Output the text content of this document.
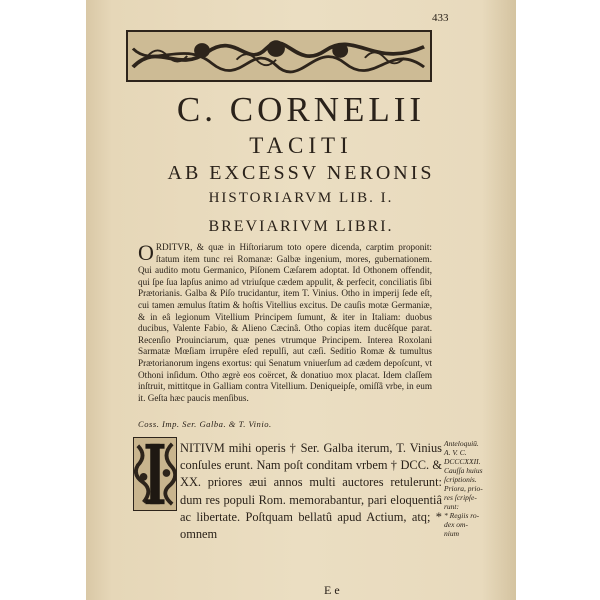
433
C. CORNELII
TACITI
AB EXCESSV NERONIS
HISTORIARVM LIB. I.
BREVIARIVM LIBRI.
ORDITVR, & quæ in Hiſtoriarum toto opere dicenda, carptim proponit: ſtatum item tunc rei Romanæ: Galbæ ingenium, mores, gubernationem. Qui audito motu Germanico, Piſonem Cæſarem adoptat. Id Othonem offendit, qui ſpe ſua lapſus animo ad vtriuſque cædem appulit, & perfecit, conciliatis ſibi Prætorianis. Galba & Piſo trucidantur, item T. Vinius. Otho in imperij ſede eſt, cui tamen æmulus ſtatim & hoſtis Vitellius excitus. De cauſis motæ Germaniæ, & in eâ legionum Vitellium Principem ſumunt, & iter in Italiam: duobus ducibus, Valente Fabio, & Alieno Cæcinâ. Otho copias item ducêſque parat. Recenſio Prouinciarum, quæ penes vtrumque Principem. Interea Roxolani Sarmatæ Mœſiam irrupêre eſed repulſi, aut cæſi. Seditio Romæ & tumultus Prætorianorum ingens exortus: qui Senatum vniuerſum ad cædem depoſcunt, vt Othoni inſidum. Otho ægrè eos coërcet, & donatiuo mox placat. Idem claſſem inſtruit, mittitque in Galliam contra Vitellium. Deniqueipſe, omiſſâ vrbe, in eum it. Geſta hæc paucis menſibus.
Coss. Imp. Ser. Galba. & T. Vinio.
NITIVM mihi operis † Ser. Galba iterum, T. Vinius conſules erunt. Nam poſt conditam vrbem † DCC. & XX. priores æui annos multi auctores retulerunt: dum res populi Rom. memorabantur, pari eloquentiâ ac libertate. Poſtquam bellatû apud Actium, atq; * omnem
Anteloquiū.
A. V. C.
DCCCXXII.
Cauſſa huius
ſcriptionis.
Priora, prio-
res ſcripſe-
runt:
* Regiis ro-
dex om-
nium
E e
